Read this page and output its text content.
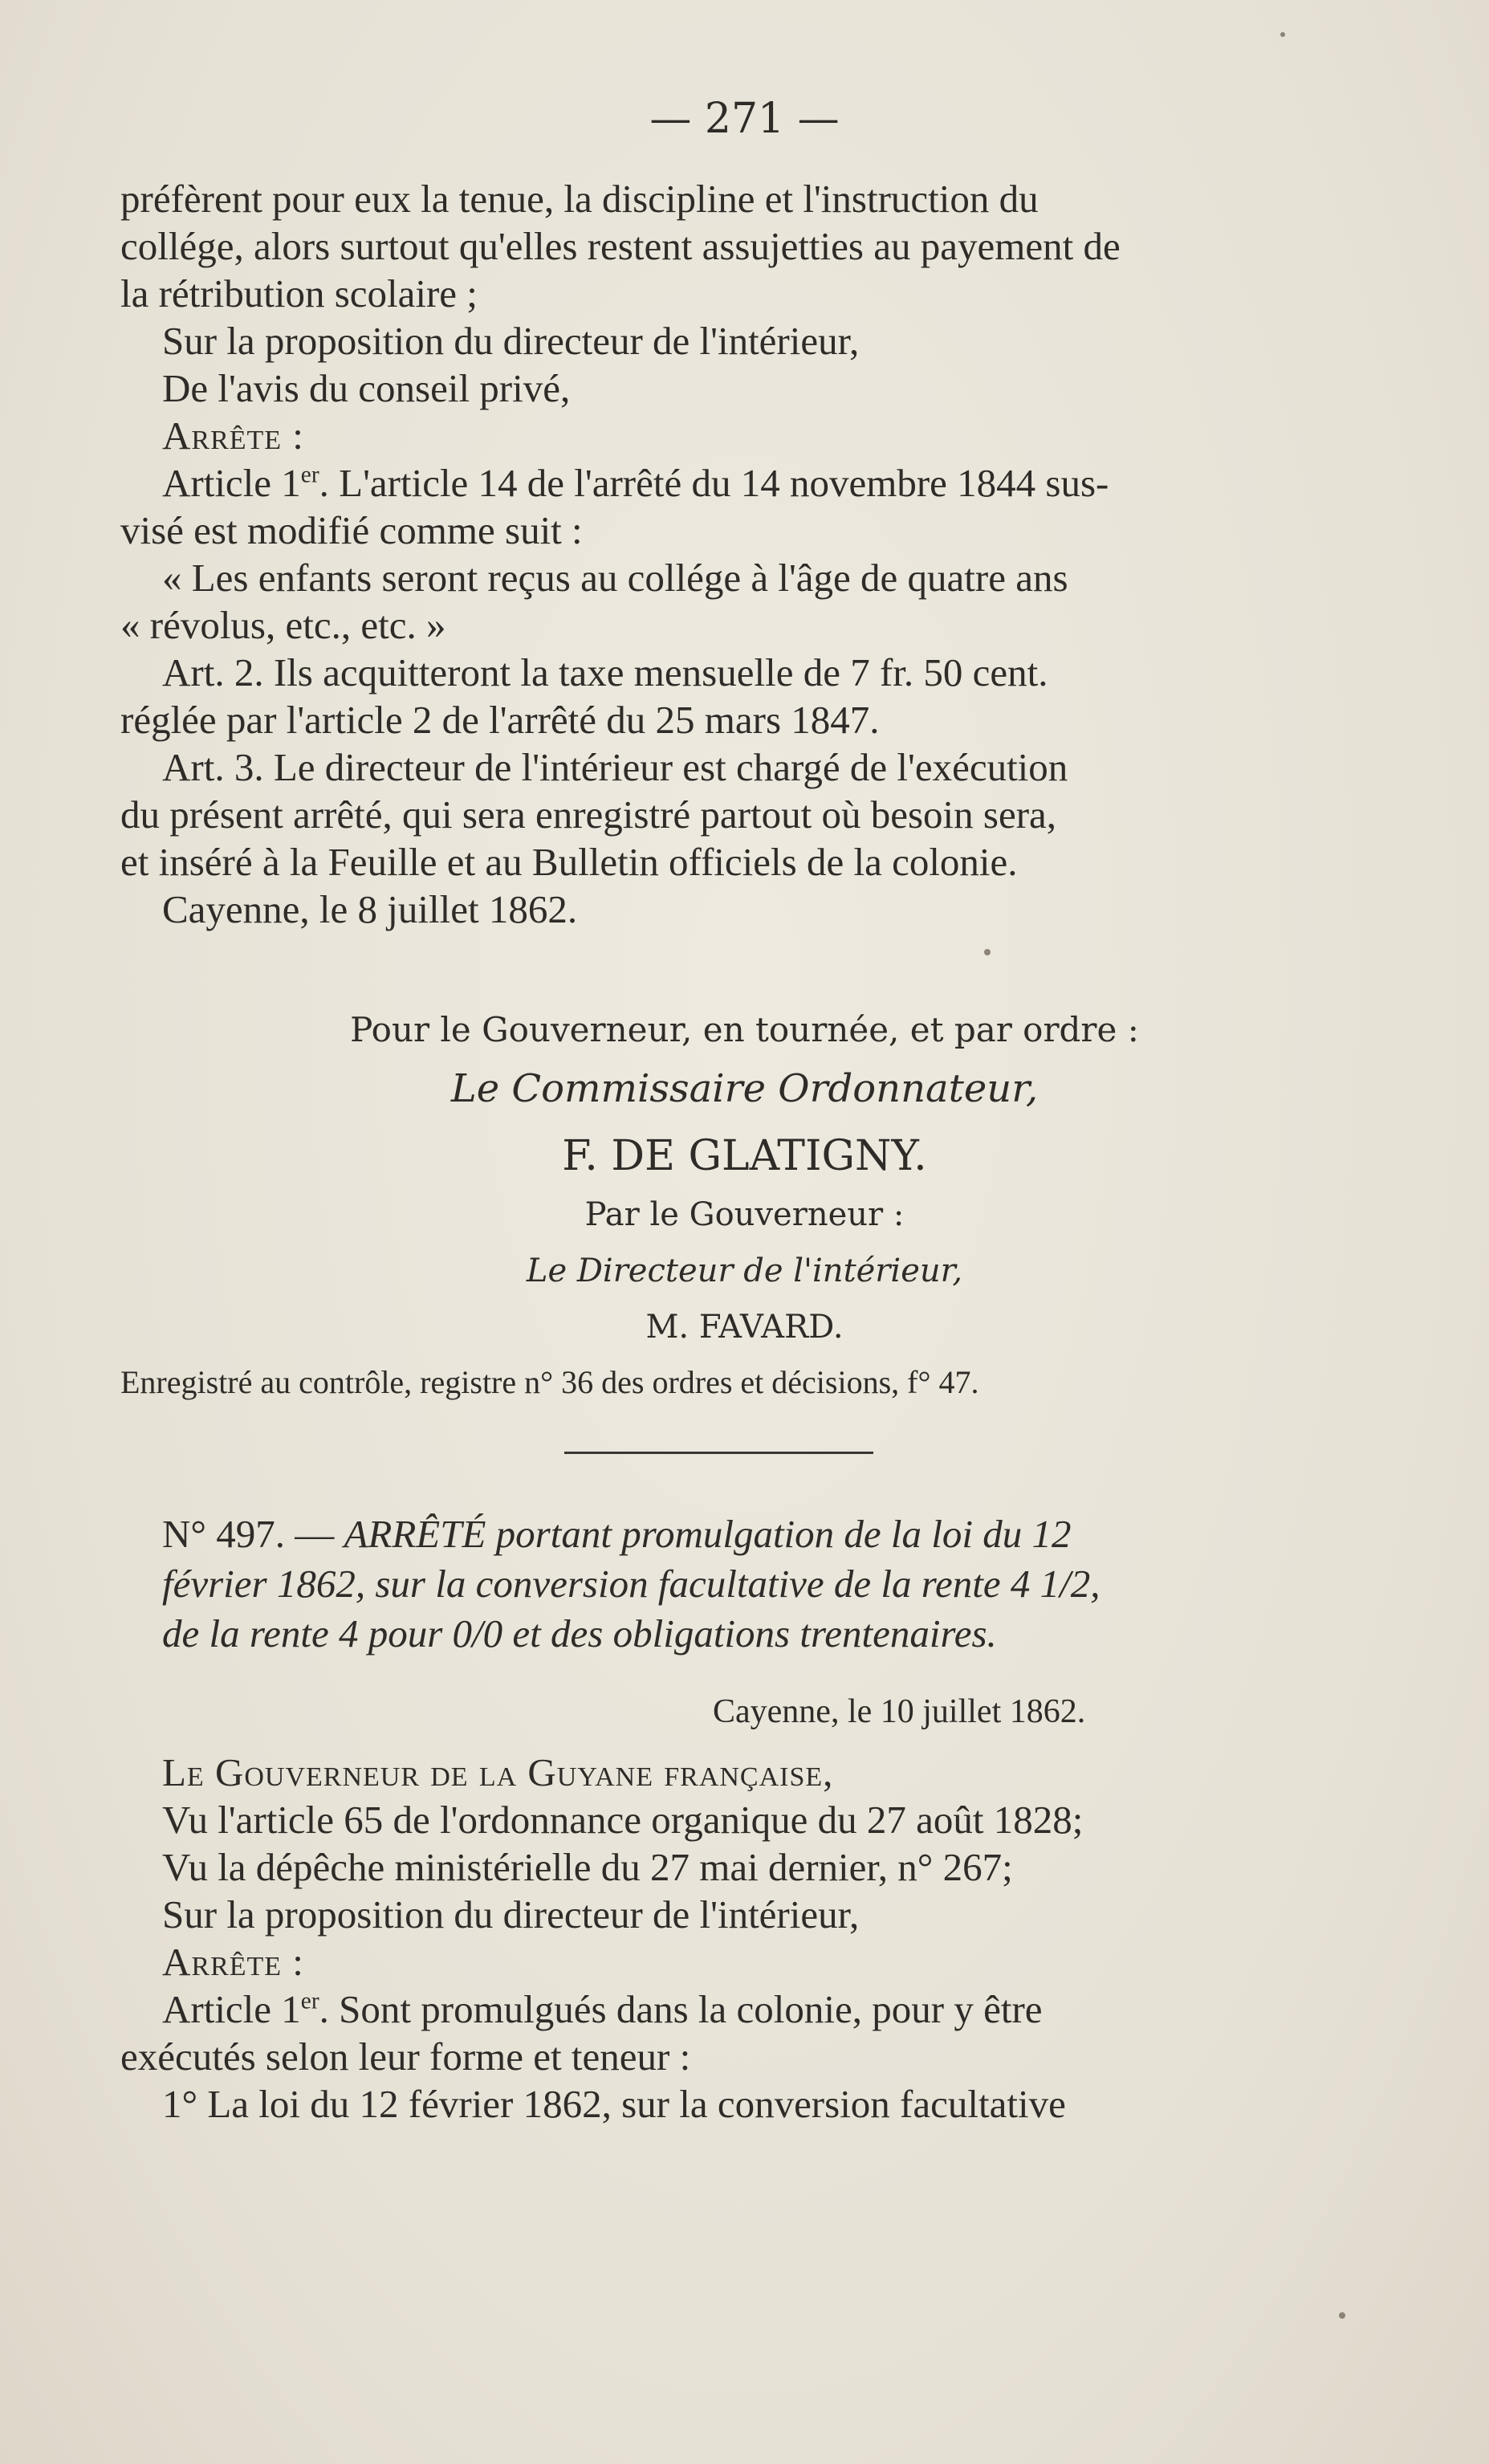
— 271 —
préfèrent pour eux la tenue, la discipline et l'instruction du
collége, alors surtout qu'elles restent assujetties au payement de
la rétribution scolaire ;
Sur la proposition du directeur de l'intérieur,
De l'avis du conseil privé,
Arrête :
Article 1er. L'article 14 de l'arrêté du 14 novembre 1844 sus-
visé est modifié comme suit :
« Les enfants seront reçus au collége à l'âge de quatre ans
« révolus, etc., etc. »
Art. 2. Ils acquitteront la taxe mensuelle de 7 fr. 50 cent.
réglée par l'article 2 de l'arrêté du 25 mars 1847.
Art. 3. Le directeur de l'intérieur est chargé de l'exécution
du présent arrêté, qui sera enregistré partout où besoin sera,
et inséré à la Feuille et au Bulletin officiels de la colonie.
Cayenne, le 8 juillet 1862.
Pour le Gouverneur, en tournée, et par ordre :
Le Commissaire Ordonnateur,
F. DE GLATIGNY.
Par le Gouverneur :
Le Directeur de l'intérieur,
M. FAVARD.
Enregistré au contrôle, registre n° 36 des ordres et décisions, f° 47.
N° 497. — ARRÊTÉ portant promulgation de la loi du 12
février 1862, sur la conversion facultative de la rente 4 1/2,
de la rente 4 pour 0/0 et des obligations trentenaires.
Cayenne, le 10 juillet 1862.
Le Gouverneur de la Guyane française,
Vu l'article 65 de l'ordonnance organique du 27 août 1828;
Vu la dépêche ministérielle du 27 mai dernier, n° 267;
Sur la proposition du directeur de l'intérieur,
Arrête :
Article 1er. Sont promulgués dans la colonie, pour y être
exécutés selon leur forme et teneur :
1° La loi du 12 février 1862, sur la conversion facultative
